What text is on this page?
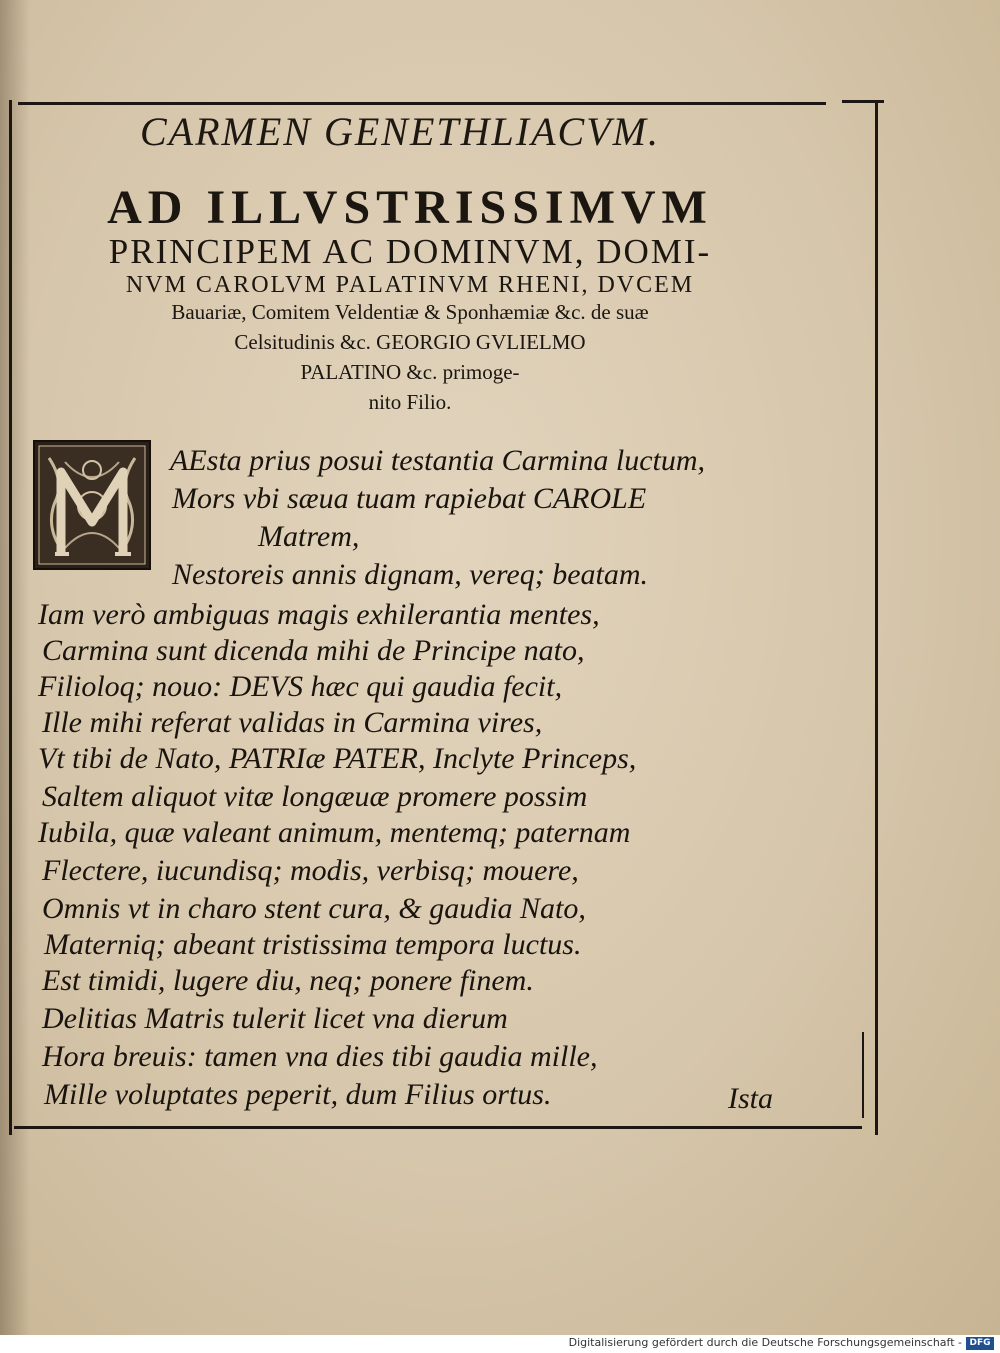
CARMEN GENETHLIACVM.
AD ILLVSTRISSIMVM
PRINCIPEM AC DOMINVM, DOMI-
NVM CAROLVM PALATINVM RHENI, DVCEM
Bauariæ, Comitem Veldentiæ & Sponhæmiæ &c. de suæ
Celsitudinis &c. GEORGIO GVLIELMO
PALATINO &c. primoge-
nito Filio.
AEsta prius posui testantia Carmina luctum,
Mors vbi sæua tuam rapiebat CAROLE
Matrem,
Nestoreis annis dignam, vereq; beatam.
Iam verò ambiguas magis exhilerantia mentes,
Carmina sunt dicenda mihi de Principe nato,
Filioloq; nouo: DEVS hæc qui gaudia fecit,
Ille mihi referat validas in Carmina vires,
Vt tibi de Nato, PATRIæ PATER, Inclyte Princeps,
Saltem aliquot vitæ longæuæ promere possim
Iubila, quæ valeant animum, mentemq; paternam
Flectere, iucundisq; modis, verbisq; mouere,
Omnis vt in charo stent cura, & gaudia Nato,
Materniq; abeant tristissima tempora luctus.
Est timidi, lugere diu, neq; ponere finem.
Delitias Matris tulerit licet vna dierum
Hora breuis: tamen vna dies tibi gaudia mille,
Mille voluptates peperit, dum Filius ortus.	Ista
Digitalisierung gefördert durch die Deutsche Forschungsgemeinschaft - DFG
